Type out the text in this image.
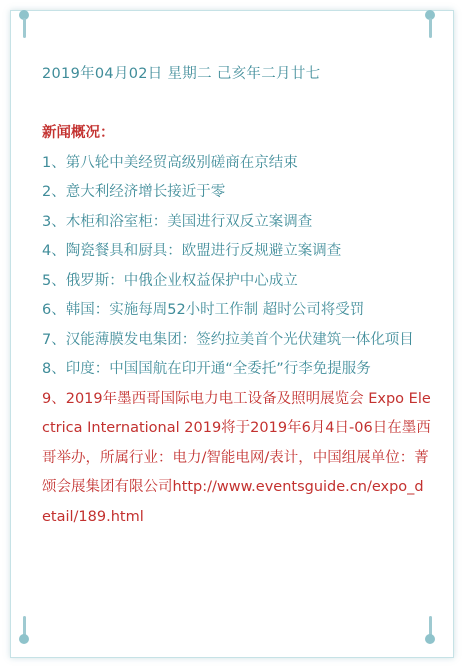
2019年04月02日 星期二 己亥年二月廿七
新闻概况：
1、第八轮中美经贸高级别磋商在京结束
2、意大利经济增长接近于零
3、木柜和浴室柜：美国进行双反立案调查
4、陶瓷餐具和厨具：欧盟进行反规避立案调查
5、俄罗斯：中俄企业权益保护中心成立
6、韩国：实施每周52小时工作制 超时公司将受罚
7、汉能薄膜发电集团：签约拉美首个光伏建筑一体化项目
8、印度：中国国航在印开通“全委托”行李免提服务
9、2019年墨西哥国际电力电工设备及照明展览会 Expo Electrica International 2019将于2019年6月4日-06日在墨西哥举办，所属行业：电力/智能电网/表计，中国组展单位：菁颂会展集团有限公司http://www.eventsguide.cn/expo_detail/189.html
